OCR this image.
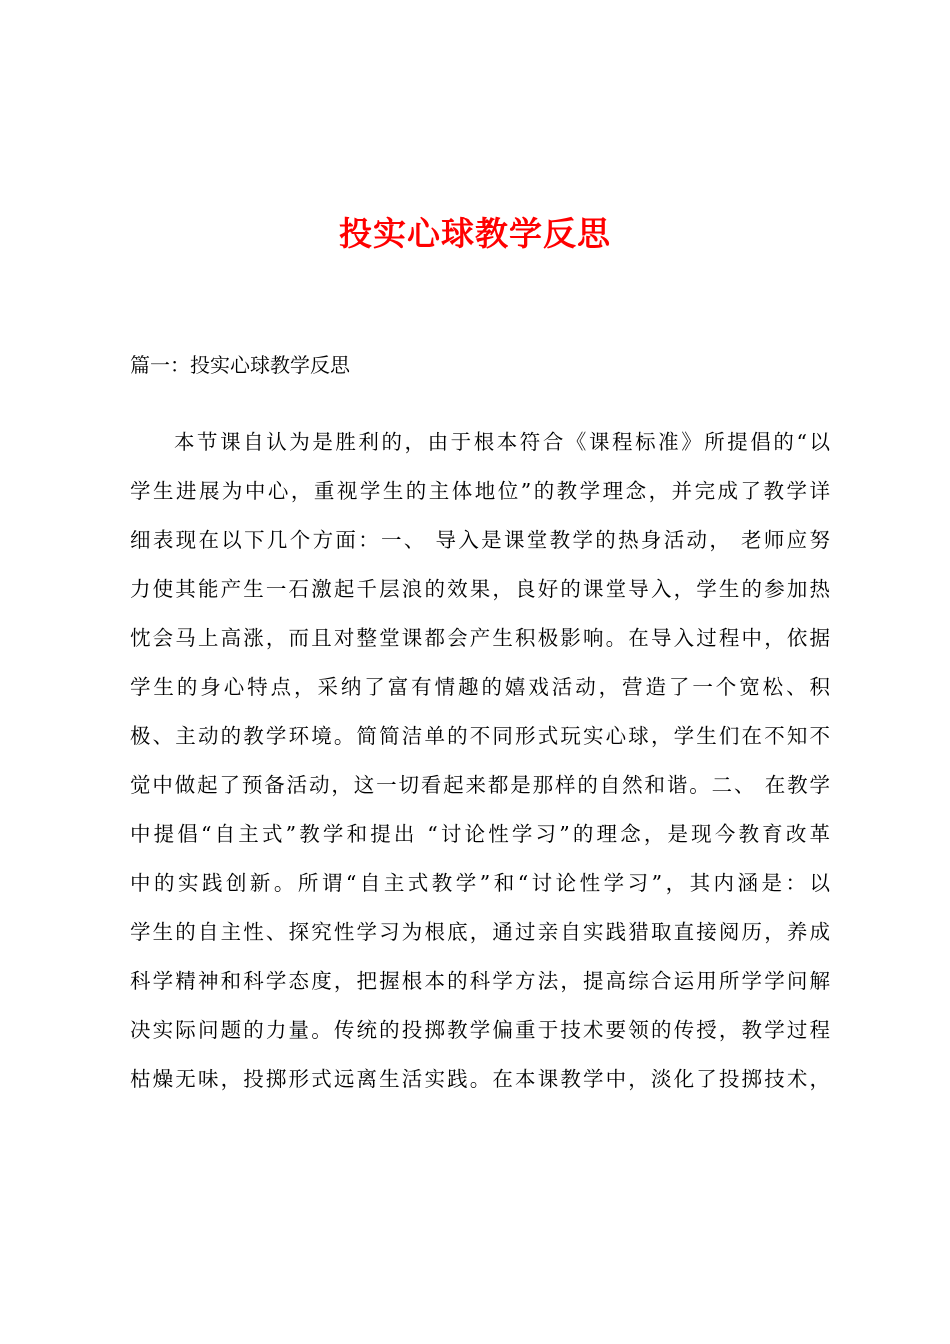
投实心球教学反思
篇一：投实心球教学反思
本节课自认为是胜利的，由于根本符合《课程标准》所提倡的“以
学生进展为中心，重视学生的主体地位”的教学理念，并完成了教学详
细表现在以下几个方面：一、 导入是课堂教学的热身活动， 老师应努
力使其能产生一石激起千层浪的效果，良好的课堂导入，学生的参加热
忱会马上高涨，而且对整堂课都会产生积极影响。在导入过程中，依据
学生的身心特点，采纳了富有情趣的嬉戏活动，营造了一个宽松、积
极、主动的教学环境。简简洁单的不同形式玩实心球，学生们在不知不
觉中做起了预备活动，这一切看起来都是那样的自然和谐。二、 在教学
中提倡“自主式”教学和提出 “讨论性学习”的理念，是现今教育改革
中的实践创新。所谓“自主式教学”和“讨论性学习”，其内涵是：以
学生的自主性、探究性学习为根底，通过亲自实践猎取直接阅历，养成
科学精神和科学态度，把握根本的科学方法，提高综合运用所学学问解
决实际问题的力量。传统的投掷教学偏重于技术要领的传授，教学过程
枯燥无味，投掷形式远离生活实践。在本课教学中，淡化了投掷技术，
